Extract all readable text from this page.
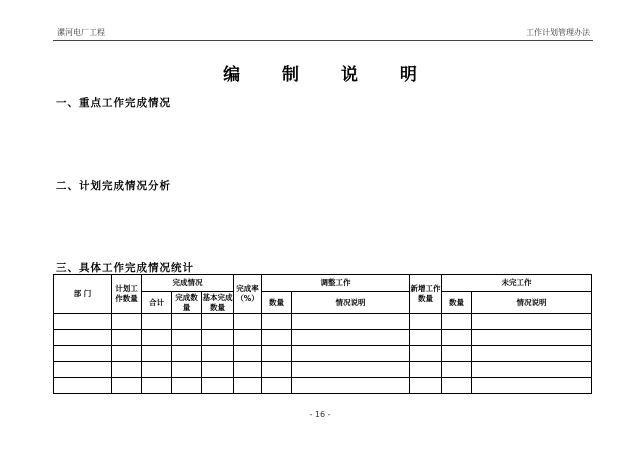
漯河电厂工程	工作计划管理办法
编 制 说 明
一、重点工作完成情况
二、计划完成情况分析
三、具体工作完成情况统计
部 门	计划工作数量	完成情况			完成率（%）	调整工作		新增工作数量	未完工作	
		合计	完成数量	基本完成数量		数量	情况说明		数量	情况说明

- 16 -
